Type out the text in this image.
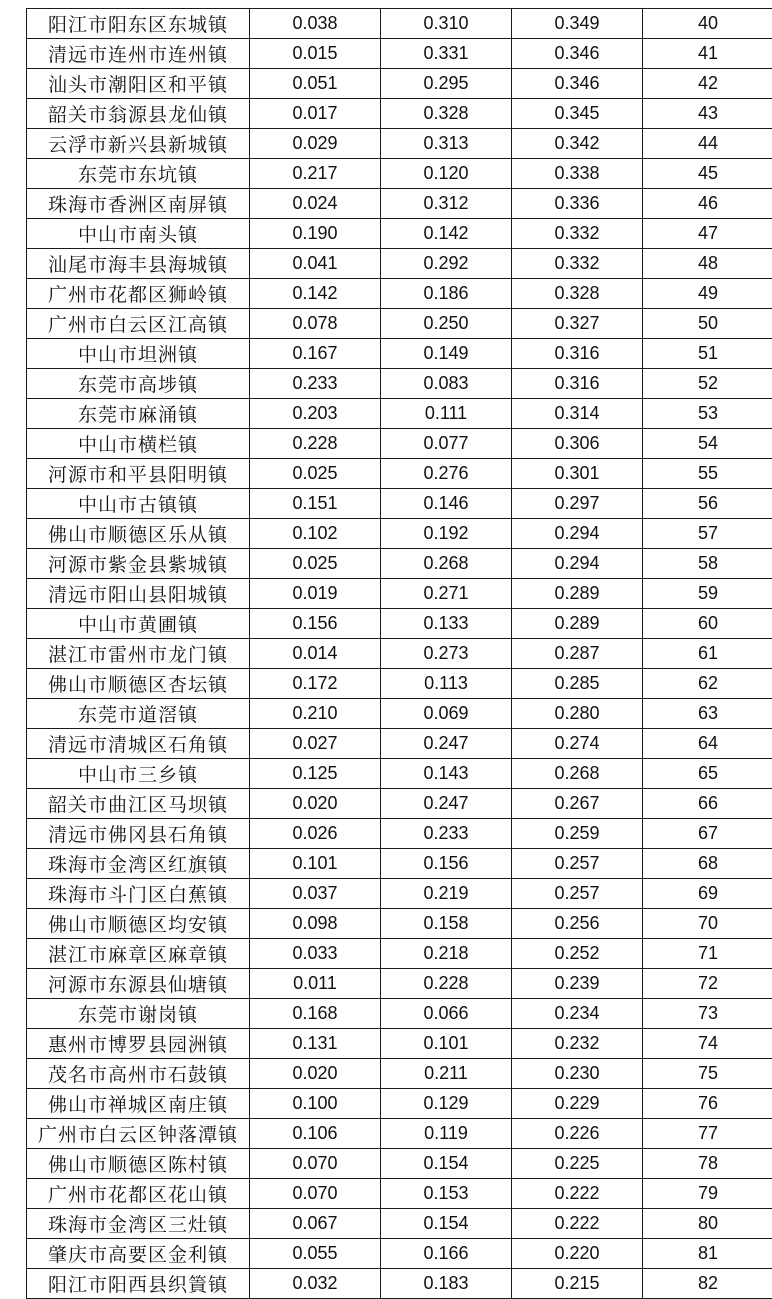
阳江市阳东区东城镇	0.038	0.310	0.349	40
清远市连州市连州镇	0.015	0.331	0.346	41
汕头市潮阳区和平镇	0.051	0.295	0.346	42
韶关市翁源县龙仙镇	0.017	0.328	0.345	43
云浮市新兴县新城镇	0.029	0.313	0.342	44
东莞市东坑镇	0.217	0.120	0.338	45
珠海市香洲区南屏镇	0.024	0.312	0.336	46
中山市南头镇	0.190	0.142	0.332	47
汕尾市海丰县海城镇	0.041	0.292	0.332	48
广州市花都区狮岭镇	0.142	0.186	0.328	49
广州市白云区江高镇	0.078	0.250	0.327	50
中山市坦洲镇	0.167	0.149	0.316	51
东莞市高埗镇	0.233	0.083	0.316	52
东莞市麻涌镇	0.203	0.111	0.314	53
中山市横栏镇	0.228	0.077	0.306	54
河源市和平县阳明镇	0.025	0.276	0.301	55
中山市古镇镇	0.151	0.146	0.297	56
佛山市顺德区乐从镇	0.102	0.192	0.294	57
河源市紫金县紫城镇	0.025	0.268	0.294	58
清远市阳山县阳城镇	0.019	0.271	0.289	59
中山市黄圃镇	0.156	0.133	0.289	60
湛江市雷州市龙门镇	0.014	0.273	0.287	61
佛山市顺德区杏坛镇	0.172	0.113	0.285	62
东莞市道滘镇	0.210	0.069	0.280	63
清远市清城区石角镇	0.027	0.247	0.274	64
中山市三乡镇	0.125	0.143	0.268	65
韶关市曲江区马坝镇	0.020	0.247	0.267	66
清远市佛冈县石角镇	0.026	0.233	0.259	67
珠海市金湾区红旗镇	0.101	0.156	0.257	68
珠海市斗门区白蕉镇	0.037	0.219	0.257	69
佛山市顺德区均安镇	0.098	0.158	0.256	70
湛江市麻章区麻章镇	0.033	0.218	0.252	71
河源市东源县仙塘镇	0.011	0.228	0.239	72
东莞市谢岗镇	0.168	0.066	0.234	73
惠州市博罗县园洲镇	0.131	0.101	0.232	74
茂名市高州市石鼓镇	0.020	0.211	0.230	75
佛山市禅城区南庄镇	0.100	0.129	0.229	76
广州市白云区钟落潭镇	0.106	0.119	0.226	77
佛山市顺德区陈村镇	0.070	0.154	0.225	78
广州市花都区花山镇	0.070	0.153	0.222	79
珠海市金湾区三灶镇	0.067	0.154	0.222	80
肇庆市高要区金利镇	0.055	0.166	0.220	81
阳江市阳西县织篢镇	0.032	0.183	0.215	82
